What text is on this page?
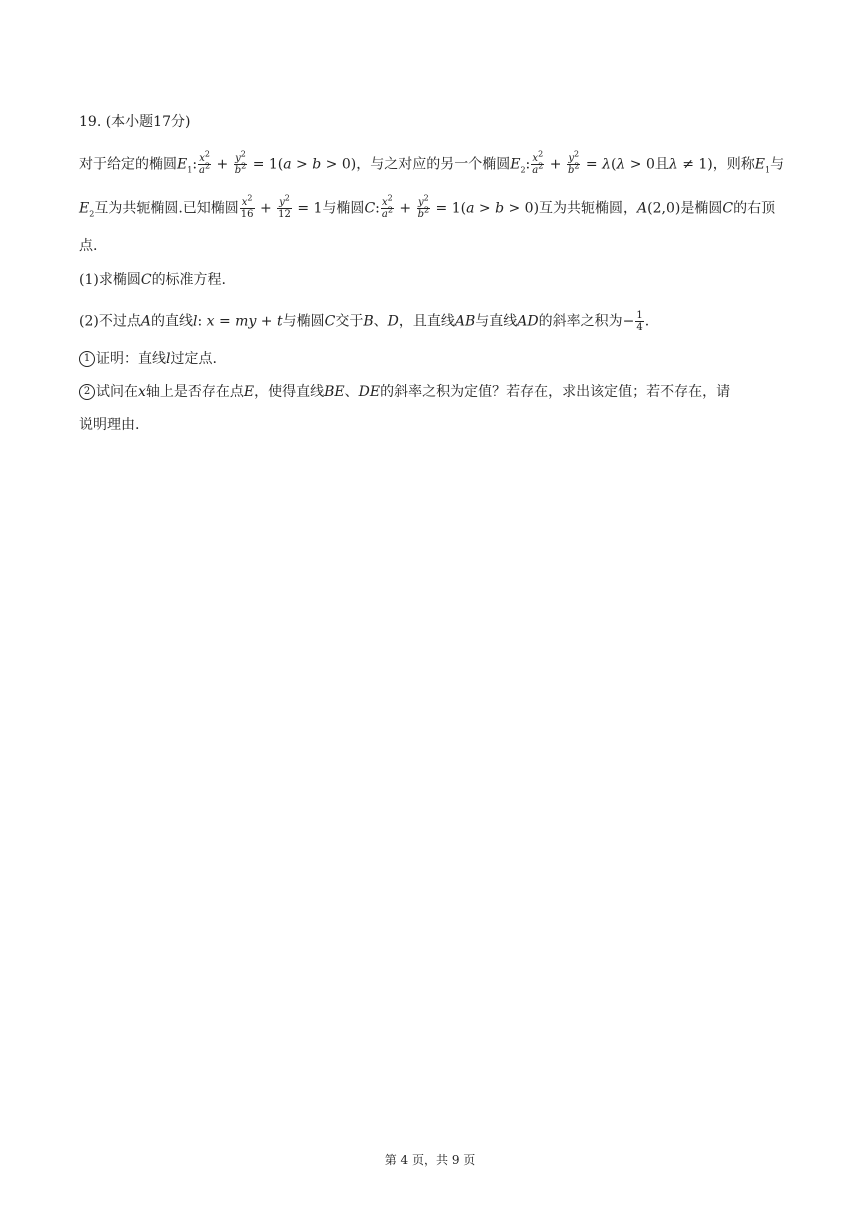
19. (本小题17分)
对于给定的椭圆$E_1$: $\frac{x^2}{a^2} + \frac{y^2}{b^2} = 1(a > b > 0)$，与之对应的另一个椭圆$E_2$: $\frac{x^2}{a^2} + \frac{y^2}{b^2} = \lambda(\lambda > 0$且λ ≠ 1)，则称$E_1$与
$E_2$互为共轭椭圆.已知椭圆 $\frac{x^2}{16} + \frac{y^2}{12} = 1$与椭圆C: $\frac{x^2}{a^2} + \frac{y^2}{b^2} = 1(a > b > 0)$互为共轭椭圆，A(2,0)是椭圆C的右顶
点.
(1)求椭圆C的标准方程.
(2)不过点A的直线l: x = my + t与椭圆C交于B、D，且直线AB与直线AD的斜率之积为− $\frac{1}{4}$ .
1 证明：直线l过定点.
2 试问在x轴上是否存在点E，使得直线BE、DE的斜率之积为定值？若存在，求出该定值；若不存在，请
说明理由.
第 4 页，共 9 页
